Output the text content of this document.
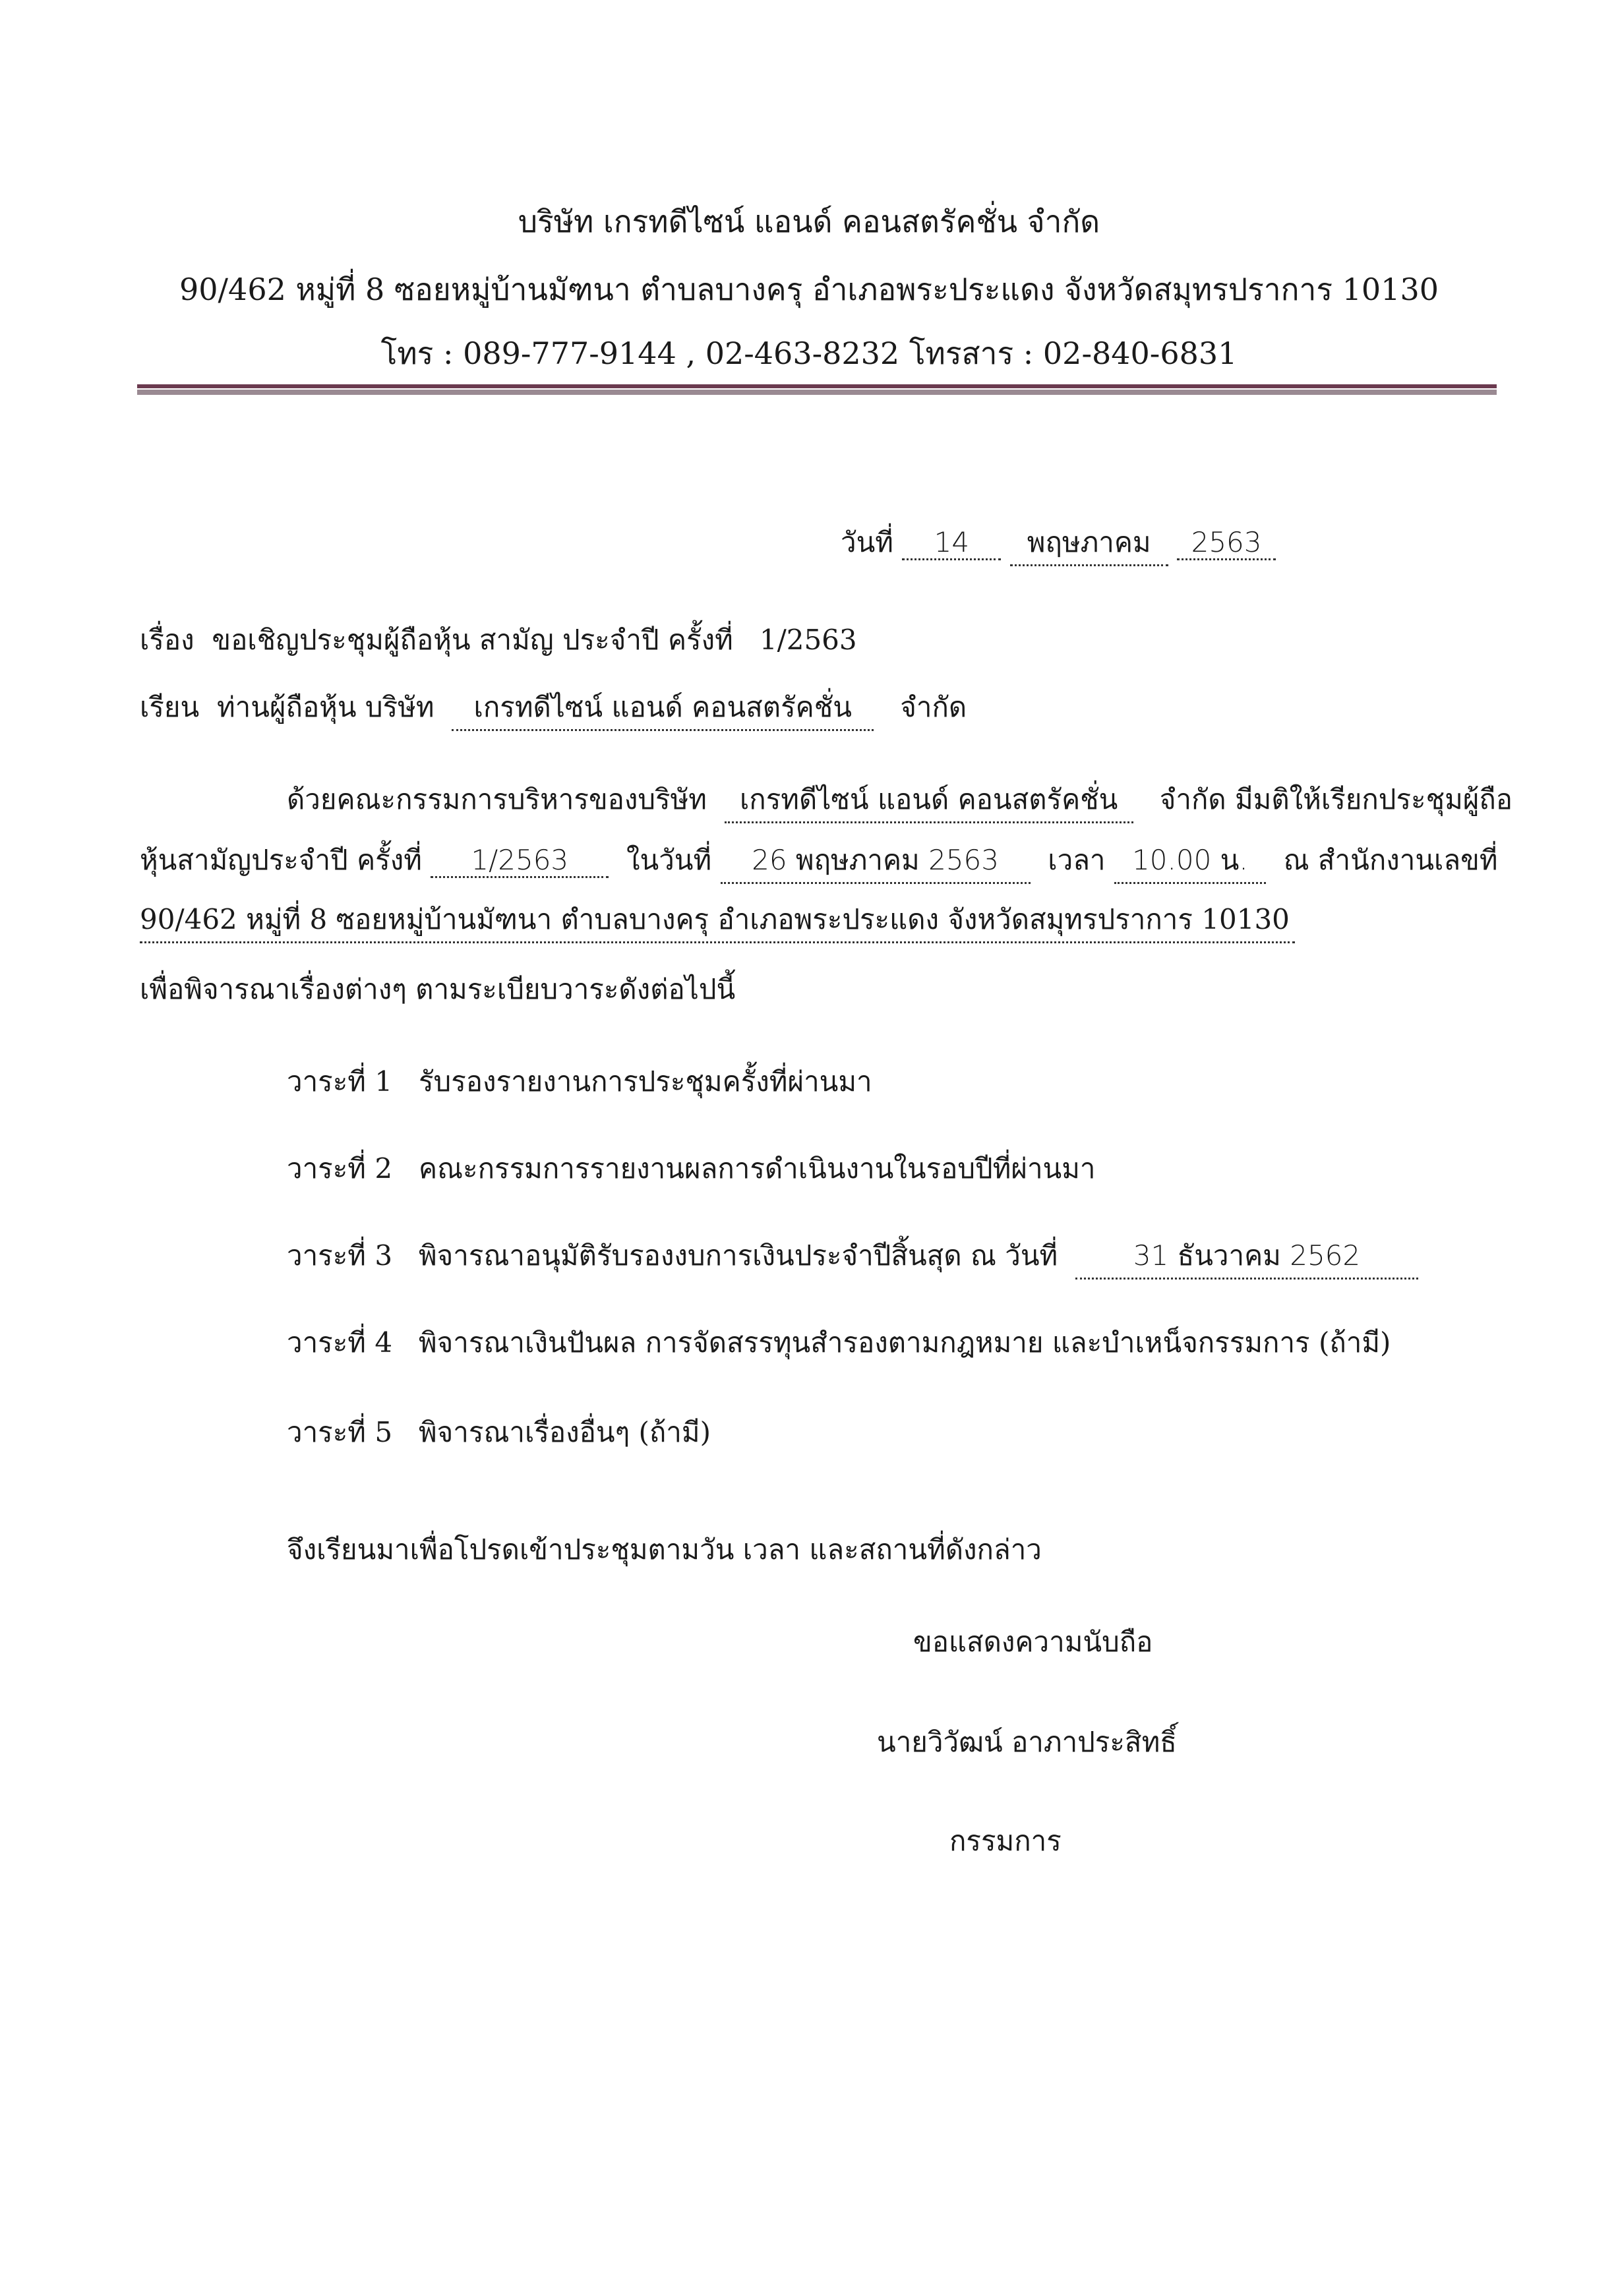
บริษัท เกรทดีไซน์ แอนด์ คอนสตรัคชั่น จำกัด
90/462 หมู่ที่ 8 ซอยหมู่บ้านมัฑนา ตำบลบางครุ อำเภอพระประแดง จังหวัดสมุทรปราการ 10130
โทร : 089-777-9144 , 02-463-8232 โทรสาร : 02-840-6831
วันที่ 14 พฤษภาคม 2563
เรื่อง ขอเชิญประชุมผู้ถือหุ้น สามัญ ประจำปี ครั้งที่ 1/2563
เรียน ท่านผู้ถือหุ้น บริษัท เกรทดีไซน์ แอนด์ คอนสตรัคชั่น จำกัด
ด้วยคณะกรรมการบริหารของบริษัท เกรทดีไซน์ แอนด์ คอนสตรัคชั่น จำกัด มีมติให้เรียกประชุมผู้ถือ
หุ้นสามัญประจำปี ครั้งที่ 1/2563 ในวันที่ 26 พฤษภาคม 2563 เวลา 10.00 น. ณ สำนักงานเลขที่
90/462 หมู่ที่ 8 ซอยหมู่บ้านมัฑนา ตำบลบางครุ อำเภอพระประแดง จังหวัดสมุทรปราการ 10130
เพื่อพิจารณาเรื่องต่างๆ ตามระเบียบวาระดังต่อไปนี้
วาระที่ 1 รับรองรายงานการประชุมครั้งที่ผ่านมา
วาระที่ 2 คณะกรรมการรายงานผลการดำเนินงานในรอบปีที่ผ่านมา
วาระที่ 3 พิจารณาอนุมัติรับรองงบการเงินประจำปีสิ้นสุด ณ วันที่	31 ธันวาคม 2562
วาระที่ 4 พิจารณาเงินปันผล การจัดสรรทุนสำรองตามกฎหมาย และบำเหน็จกรรมการ (ถ้ามี)
วาระที่ 5 พิจารณาเรื่องอื่นๆ (ถ้ามี)
จึงเรียนมาเพื่อโปรดเข้าประชุมตามวัน เวลา และสถานที่ดังกล่าว
ขอแสดงความนับถือ
นายวิวัฒน์ อาภาประสิทธิ์
กรรมการ
